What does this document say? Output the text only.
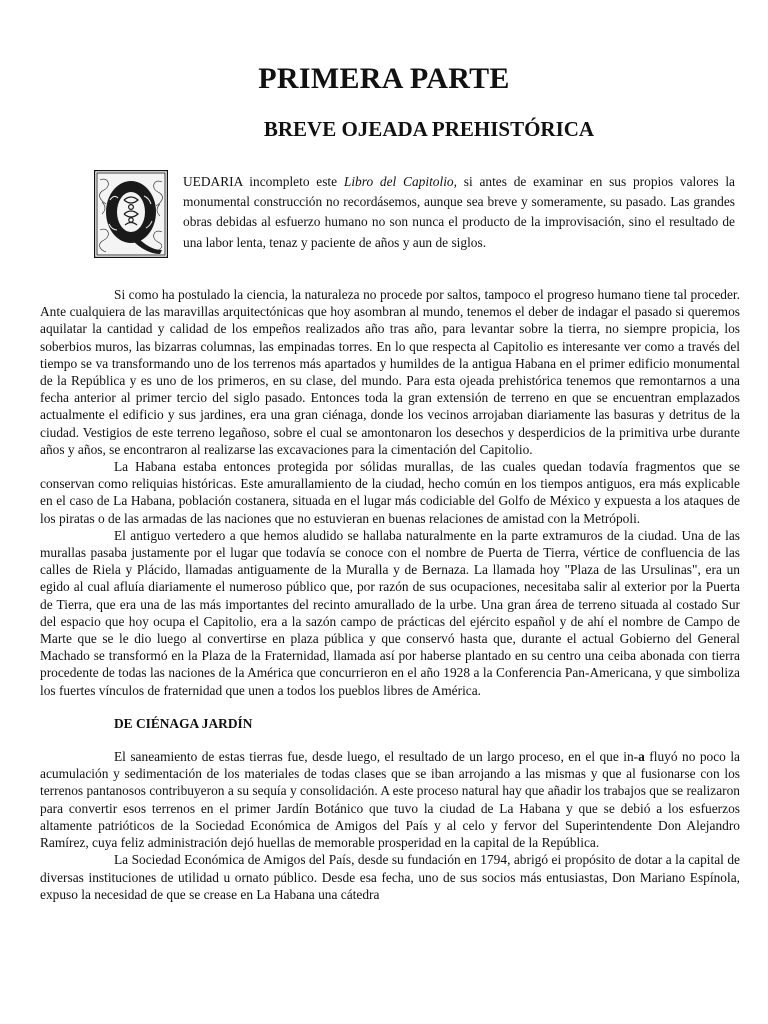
PRIMERA PARTE
BREVE OJEADA PREHISTÓRICA
UEDARIA incompleto este Libro del Capitolio, si antes de examinar en sus propios valores la monumental construcción no recordásemos, aunque sea breve y someramente, su pasado. Las grandes obras debidas al esfuerzo humano no son nunca el producto de la improvisación, sino el resultado de una labor lenta, tenaz y paciente de años y aun de siglos.

Si como ha postulado la ciencia, la naturaleza no procede por saltos, tampoco el progreso humano tiene tal proceder. Ante cualquiera de las maravillas arquitectónicas que hoy asombran al mundo, tenemos el deber de indagar el pasado si queremos aquilatar la cantidad y calidad de los empeños realizados año tras año, para levantar sobre la tierra, no siempre propicia, los soberbios muros, las bizarras columnas, las empinadas torres. En lo que respecta al Capitolio es interesante ver como a través del tiempo se va transformando uno de los terrenos más apartados y humildes de la antigua Habana en el primer edificio monumental de la República y es uno de los primeros, en su clase, del mundo. Para esta ojeada prehistórica tenemos que remontarnos a una fecha anterior al primer tercio del siglo pasado. Entonces toda la gran extensión de terreno en que se encuentran emplazados actualmente el edificio y sus jardines, era una gran ciénaga, donde los vecinos arrojaban diariamente las basuras y detritus de la ciudad. Vestigios de este terreno legañoso, sobre el cual se amontonaron los desechos y desperdicios de la primitiva urbe durante años y años, se encontraron al realizarse las excavaciones para la cimentación del Capitolio.

La Habana estaba entonces protegida por sólidas murallas, de las cuales quedan todavía fragmentos que se conservan como reliquias históricas. Este amurallamiento de la ciudad, hecho común en los tiempos antiguos, era más explicable en el caso de La Habana, población costanera, situada en el lugar más codiciable del Golfo de México y expuesta a los ataques de los piratas o de las armadas de las naciones que no estuvieran en buenas relaciones de amistad con la Metrópoli.

El antiguo vertedero a que hemos aludido se hallaba naturalmente en la parte extramuros de la ciudad. Una de las murallas pasaba justamente por el lugar que todavía se conoce con el nombre de Puerta de Tierra, vértice de confluencia de las calles de Riela y Plácido, llamadas antiguamente de la Muralla y de Bernaza. La llamada hoy "Plaza de las Ursulinas", era un egido al cual afluía diariamente el numeroso público que, por razón de sus ocupaciones, necesitaba salir al exterior por la Puerta de Tierra, que era una de las más importantes del recinto amurallado de la urbe. Una gran área de terreno situada al costado Sur del espacio que hoy ocupa el Capitolio, era a la sazón campo de prácticas del ejército español y de ahí el nombre de Campo de Marte que se le dio luego al convertirse en plaza pública y que conservó hasta que, durante el actual Gobierno del General Machado se transformó en la Plaza de la Fraternidad, llamada así por haberse plantado en su centro una ceiba abonada con tierra procedente de todas las naciones de la América que concurrieron en el año 1928 a la Conferencia Pan-Americana, y que simboliza los fuertes vínculos de fraternidad que unen a todos los pueblos libres de América.

DE CIÉNAGA JARDÍN

El saneamiento de estas tierras fue, desde luego, el resultado de un largo proceso, en el que in-a fluyó no poco la acumulación y sedimentación de los materiales de todas clases que se iban arrojando a las mismas y que al fusionarse con los terrenos pantanosos contribuyeron a su sequía y consolidación. A este proceso natural hay que añadir los trabajos que se realizaron para convertir esos terrenos en el primer Jardín Botánico que tuvo la ciudad de La Habana y que se debió a los esfuerzos altamente patrióticos de la Sociedad Económica de Amigos del País y al celo y fervor del Superintendente Don Alejandro Ramírez, cuya feliz administración dejó huellas de memorable prosperidad en la capital de la República.

La Sociedad Económica de Amigos del País, desde su fundación en 1794, abrigó ei propósito de dotar a la capital de diversas instituciones de utilidad u ornato público. Desde esa fecha, uno de sus socios más entusiastas, Don Mariano Espínola, expuso la necesidad de que se crease en La Habana una cátedra
